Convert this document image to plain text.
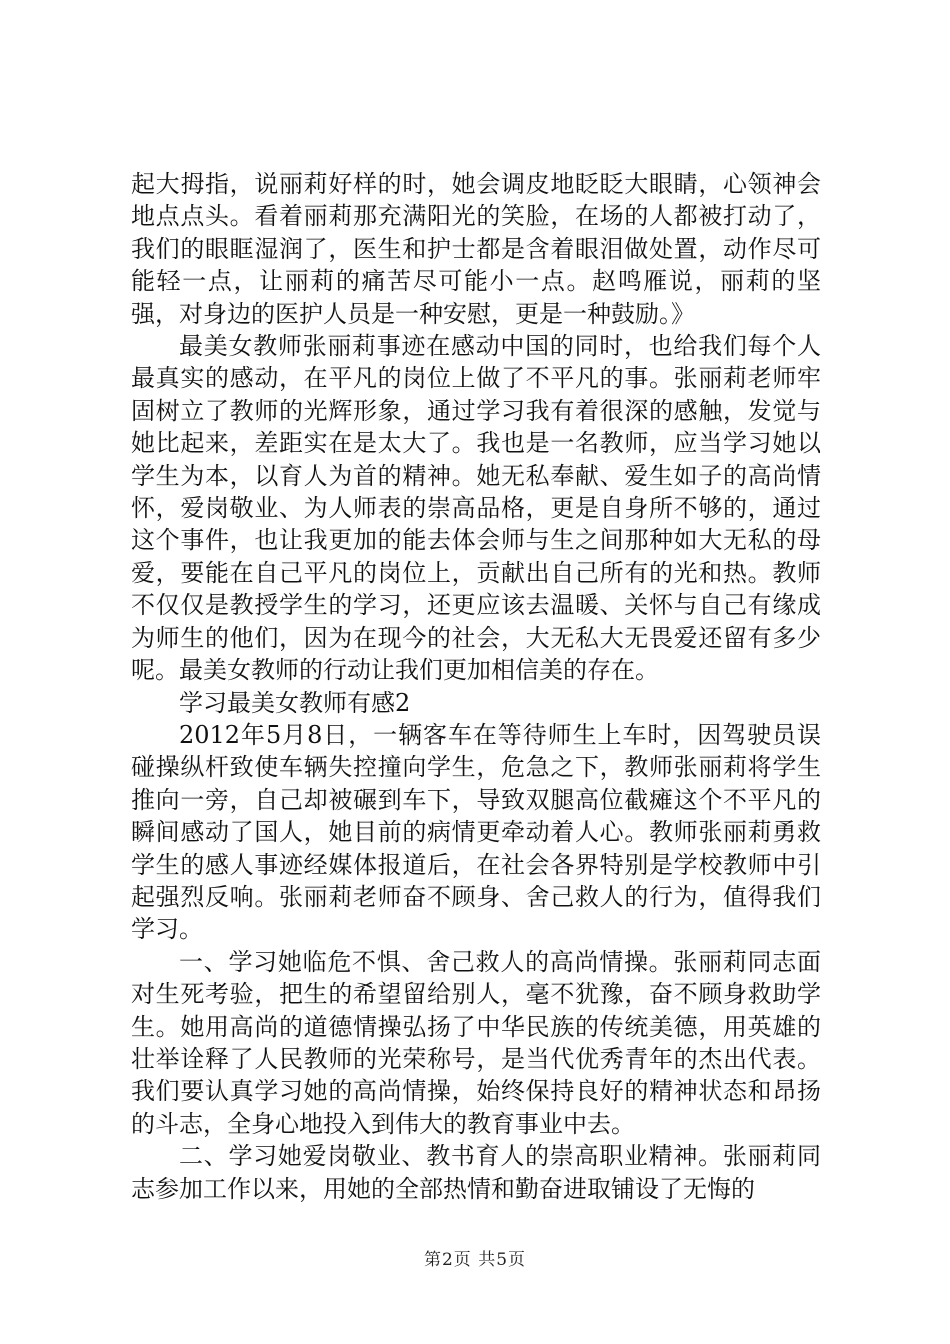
起大拇指，说丽莉好样的时，她会调皮地眨眨大眼睛，心领神会地点点头。看着丽莉那充满阳光的笑脸，在场的人都被打动了，我们的眼眶湿润了，医生和护士都是含着眼泪做处置，动作尽可能轻一点，让丽莉的痛苦尽可能小一点。赵鸣雁说，丽莉的坚强，对身边的医护人员是一种安慰，更是一种鼓励。》

最美女教师张丽莉事迹在感动中国的同时，也给我们每个人最真实的感动，在平凡的岗位上做了不平凡的事。张丽莉老师牢固树立了教师的光辉形象，通过学习我有着很深的感触，发觉与她比起来，差距实在是太大了。我也是一名教师，应当学习她以学生为本，以育人为首的精神。她无私奉献、爱生如子的高尚情怀，爱岗敬业、为人师表的崇高品格，更是自身所不够的，通过这个事件，也让我更加的能去体会师与生之间那种如大无私的母爱，要能在自己平凡的岗位上，贡献出自己所有的光和热。教师不仅仅是教授学生的学习，还更应该去温暖、关怀与自己有缘成为师生的他们，因为在现今的社会，大无私大无畏爱还留有多少呢。最美女教师的行动让我们更加相信美的存在。

学习最美女教师有感2

2012年5月8日，一辆客车在等待师生上车时，因驾驶员误碰操纵杆致使车辆失控撞向学生，危急之下，教师张丽莉将学生推向一旁，自己却被碾到车下，导致双腿高位截瘫这个不平凡的瞬间感动了国人，她目前的病情更牵动着人心。教师张丽莉勇救学生的感人事迹经媒体报道后，在社会各界特别是学校教师中引起强烈反响。张丽莉老师奋不顾身、舍己救人的行为，值得我们学习。

一、学习她临危不惧、舍己救人的高尚情操。张丽莉同志面对生死考验，把生的希望留给别人，毫不犹豫，奋不顾身救助学生。她用高尚的道德情操弘扬了中华民族的传统美德，用英雄的壮举诠释了人民教师的光荣称号，是当代优秀青年的杰出代表。我们要认真学习她的高尚情操，始终保持良好的精神状态和昂扬的斗志，全身心地投入到伟大的教育事业中去。

二、学习她爱岗敬业、教书育人的崇高职业精神。张丽莉同志参加工作以来，用她的全部热情和勤奋进取铺设了无悔的

第2页 共5页
